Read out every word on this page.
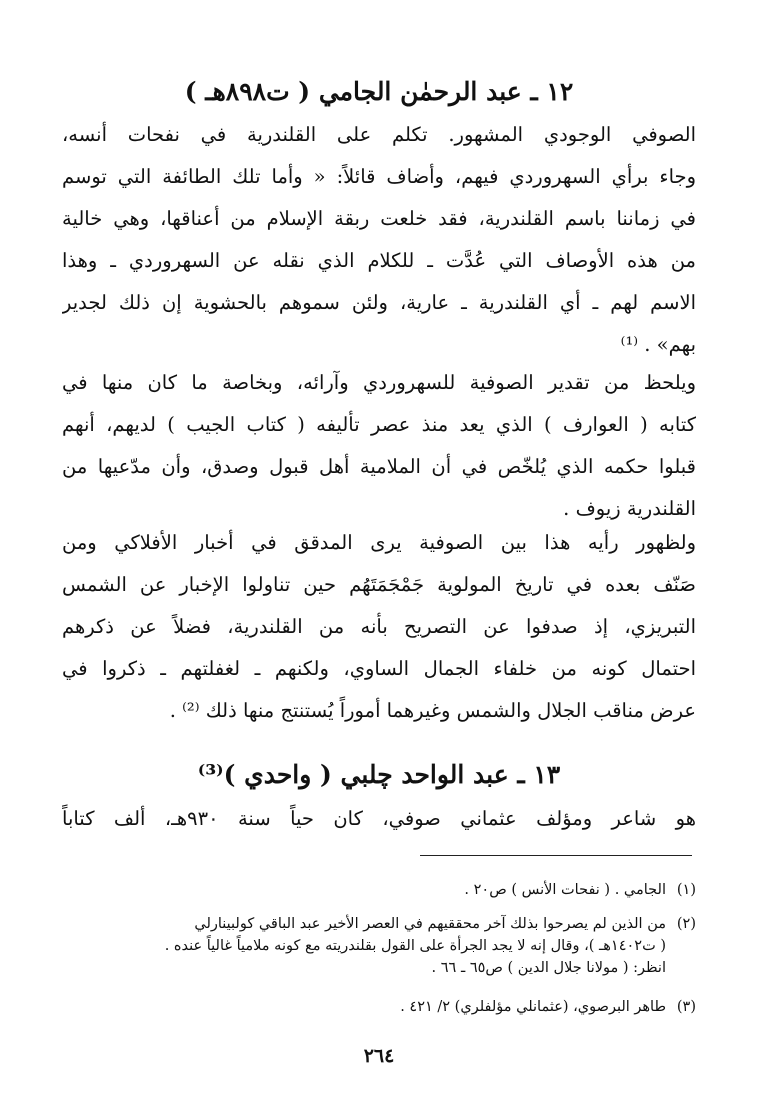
١٢ ـ عبد الرحمٰن الجامي ( ت٨٩٨هـ )
الصوفي الوجودي المشهور. تكلم على القلندرية في نفحات أنسه،
وجاء برأي السهروردي فيهم، وأضاف قائلاً: « وأما تلك الطائفة التي توسم
في زماننا باسم القلندرية، فقد خلعت ربقة الإسلام من أعناقها، وهي خالية
من هذه الأوصاف التي عُدَّت ـ للكلام الذي نقله عن السهروردي ـ وهذا
الاسم لهم ـ أي القلندرية ـ عارية، ولئن سموهم بالحشوية إن ذلك لجدير
بهم» . ⁽¹⁾
ويلحظ من تقدير الصوفية للسهروردي وآرائه، وبخاصة ما كان منها في
كتابه ( العوارف ) الذي يعد منذ عصر تأليفه ( كتاب الجيب ) لديهم، أنهم
قبلوا حكمه الذي يُلخّص في أن الملامية أهل قبول وصدق، وأن مدّعيها من
القلندرية زيوف .
ولظهور رأيه هذا بين الصوفية يرى المدقق في أخبار الأفلاكي ومن
صَنّف بعده في تاريخ المولوية جَمْجَمَتَهُم حين تناولوا الإخبار عن الشمس
التبريزي، إذ صدفوا عن التصريح بأنه من القلندرية، فضلاً عن ذكرهم
احتمال كونه من خلفاء الجمال الساوي، ولكنهم ـ لغفلتهم ـ ذكروا في
عرض مناقب الجلال والشمس وغيرهما أموراً يُستنتج منها ذلك ⁽²⁾ .
١٣ ـ عبد الواحد چلبي ( واحدي )⁽³⁾
هو شاعر ومؤلف عثماني صوفي، كان حياً سنة ٩٣٠هـ، ألف كتاباً
(١)
الجامي . ( نفحات الأنس ) ص٢٠ .
(٢)
من الذين لم يصرحوا بذلك آخر محققيهم في العصر الأخير عبد الباقي كولبينارلي
( ت١٤٠٢هـ )، وقال إنه لا يجد الجرأة على القول بقلندريته مع كونه ملامياً غالياً عنده .
انظر: ( مولانا جلال الدين ) ص٦٥ ـ ٦٦ .
(٣)
طاهر البرصوي، (عثمانلي مؤلفلري) ٢/ ٤٢١ .
٢٦٤
